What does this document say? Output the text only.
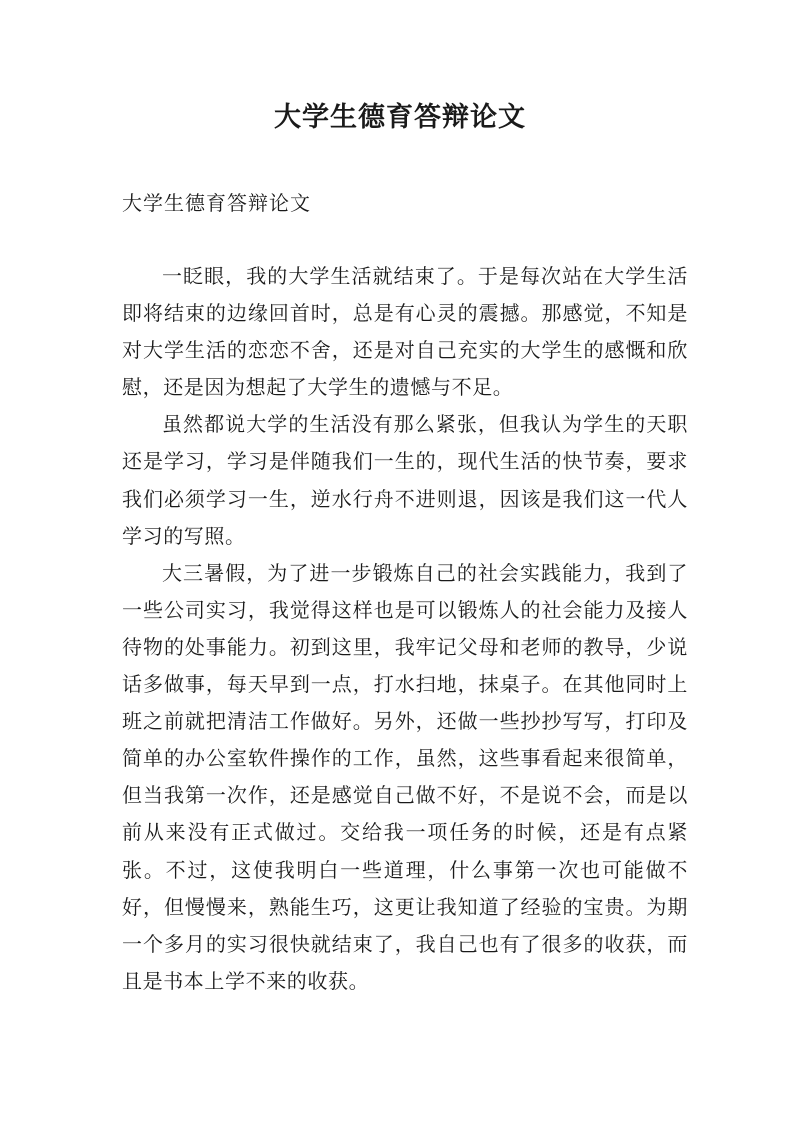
大学生德育答辩论文

大学生德育答辩论文

一眨眼，我的大学生活就结束了。于是每次站在大学生活即将结束的边缘回首时，总是有心灵的震撼。那感觉，不知是对大学生活的恋恋不舍，还是对自己充实的大学生的感慨和欣慰，还是因为想起了大学生的遗憾与不足。

虽然都说大学的生活没有那么紧张，但我认为学生的天职还是学习，学习是伴随我们一生的，现代生活的快节奏，要求我们必须学习一生，逆水行舟不进则退，因该是我们这一代人学习的写照。

大三暑假，为了进一步锻炼自己的社会实践能力，我到了一些公司实习，我觉得这样也是可以锻炼人的社会能力及接人待物的处事能力。初到这里，我牢记父母和老师的教导，少说话多做事，每天早到一点，打水扫地，抹桌子。在其他同时上班之前就把清洁工作做好。另外，还做一些抄抄写写，打印及简单的办公室软件操作的工作，虽然，这些事看起来很简单，但当我第一次作，还是感觉自己做不好，不是说不会，而是以前从来没有正式做过。交给我一项任务的时候，还是有点紧张。不过，这使我明白一些道理，什么事第一次也可能做不好，但慢慢来，熟能生巧，这更让我知道了经验的宝贵。为期一个多月的实习很快就结束了，我自己也有了很多的收获，而且是书本上学不来的收获。
